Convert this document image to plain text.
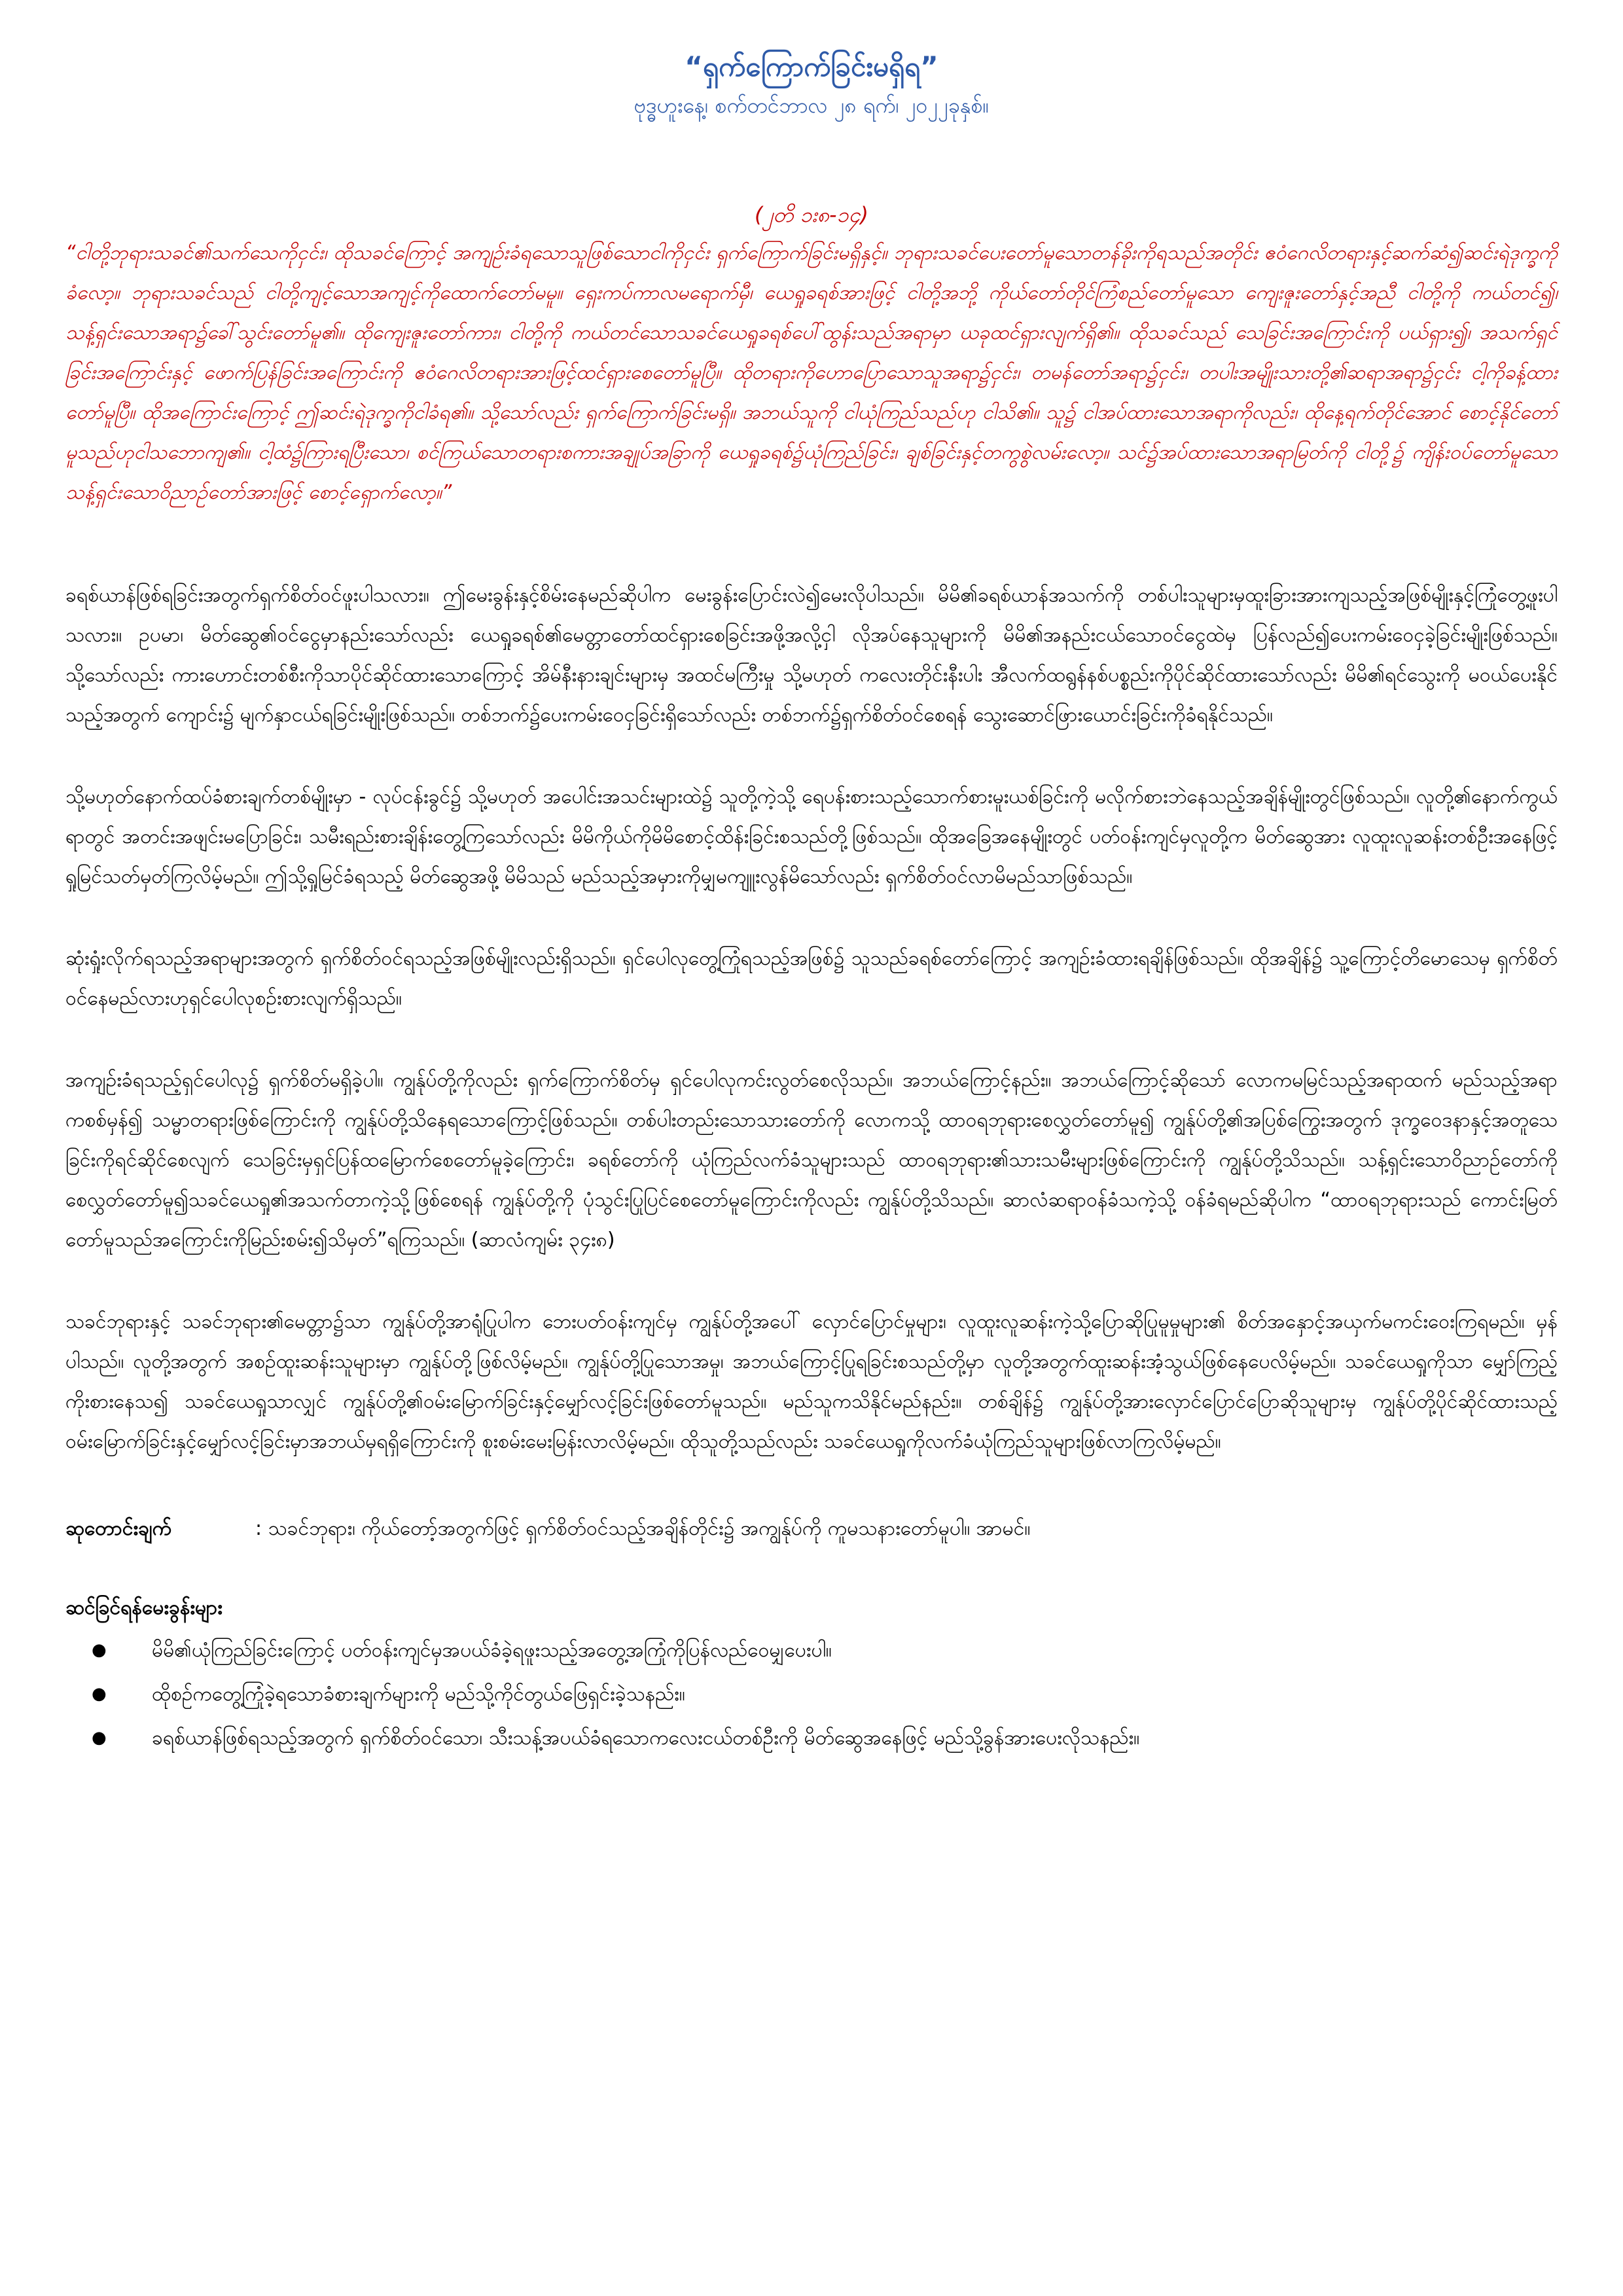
“ရှက်ကြောက်ခြင်းမရှိရ”

ဗုဒ္ဓဟူးနေ့၊ စက်တင်ဘာလ ၂၈ ရက်၊ ၂၀၂၂ခုနှစ်။

(၂တိ ၁း၈-၁၄)

“ငါတို့ဘုရားသခင်၏သက်သေကိုငှင်း၊ ထိုသခင်ကြောင့် အကျဉ်းခံရသောသူဖြစ်သောငါကိုငှင်း ရှက်ကြောက်ခြင်းမရှိနှင့်။ ဘုရားသခင်ပေးတော်မူသောတန်ခိုးကိုရသည်အတိုင်း ဧဝံဂေလိတရားနှင့်ဆက်ဆံ၍ဆင်းရဲဒုက္ခကိုခံလော့။ ဘုရားသခင်သည် ငါတို့ကျင့်သောအကျင့်ကိုထောက်တော်မမူ။ ရှေးကပ်ကာလမရောက်မှီ၊ ယေရှုခရစ်အားဖြင့် ငါတို့အဘို့ ကိုယ်တော်တိုင်ကြံစည်တော်မူသော ကျေးဇူးတော်နှင့်အညီ ငါတို့ကို ကယ်တင်၍၊ သန့်ရှင်းသောအရာ၌ခေါ်သွင်းတော်မူ၏။ ထိုကျေးဇူးတော်ကား၊ ငါတို့ကို ကယ်တင်သောသခင်ယေရှုခရစ်ပေါ်ထွန်းသည်အရာမှာ ယခုထင်ရှားလျက်ရှိ၏။ ထိုသခင်သည် သေခြင်းအကြောင်းကို ပယ်ရှား၍၊ အသက်ရှင်ခြင်းအကြောင်းနှင့် ဖောက်ပြန်ခြင်းအကြောင်းကို ဧဝံဂေလိတရားအားဖြင့်ထင်ရှားစေတော်မူပြီ။ ထိုတရားကိုဟောပြောသောသူအရာ၌ငှင်း၊ တမန်တော်အရာ၌ငှင်း၊ တပါးအမျိုးသားတို့၏ဆရာအရာ၌ငှင်း ငါ့ကိုခန့်ထားတော်မူပြီ။ ထိုအကြောင်းကြောင့် ဤဆင်းရဲဒုက္ခကိုငါခံရ၏။ သို့သော်လည်း ရှက်ကြောက်ခြင်းမရှိ။ အဘယ်သူကို ငါယုံကြည်သည်ဟု ငါသိ၏။ သူ၌ ငါအပ်ထားသောအရာကိုလည်း၊ ထိုနေ့ရက်တိုင်အောင် စောင့်နိုင်တော်မူသည်ဟုငါသဘောကျ၏။ ငါ့ထံ၌ကြားရပြီးသော၊ စင်ကြယ်သောတရားစကားအချုပ်အခြာကို ယေရှုခရစ်၌ယုံကြည်ခြင်း၊ ချစ်ခြင်းနှင့်တကွစွဲလမ်းလော့။ သင်၌အပ်ထားသောအရာမြတ်ကို ငါတို့၌ ကျိန်းဝပ်တော်မူသော သန့်ရှင်းသောဝိညာဉ်တော်အားဖြင့် စောင့်ရှောက်လော့။”

ခရစ်ယာန်ဖြစ်ရခြင်းအတွက်ရှက်စိတ်ဝင်ဖူးပါသလား။ ဤမေးခွန်းနှင့်စိမ်းနေမည်ဆိုပါက မေးခွန်းပြောင်းလဲ၍မေးလိုပါသည်။ မိမိ၏ခရစ်ယာန်အသက်ကို တစ်ပါးသူများမှထူးခြားအားကျသည့်အဖြစ်မျိုးနှင့်ကြုံတွေ့ဖူးပါသလား။ ဥပမာ၊ မိတ်ဆွေ၏ဝင်ငွေမှာနည်းသော်လည်း ယေရှုခရစ်၏မေတ္တာတော်ထင်ရှားစေခြင်းအဖို့အလို့ငှါ လိုအပ်နေသူများကို မိမိ၏အနည်းငယ်သောဝင်ငွေထဲမှ ပြန်လည်၍ပေးကမ်းဝေငှခဲ့ခြင်းမျိုးဖြစ်သည်။ သို့သော်လည်း ကားဟောင်းတစ်စီးကိုသာပိုင်ဆိုင်ထားသောကြောင့် အိမ်နီးနားချင်းများမှ အထင်မကြီးမှု သို့မဟုတ် ကလေးတိုင်းနီးပါး အီလက်ထရွန်နစ်ပစ္စည်းကိုပိုင်ဆိုင်ထားသော်လည်း မိမိ၏ရင်သွေးကို မဝယ်ပေးနိုင်သည့်အတွက် ကျောင်း၌ မျက်နှာငယ်ရခြင်းမျိုးဖြစ်သည်။ တစ်ဘက်၌ပေးကမ်းဝေငှခြင်းရှိသော်လည်း တစ်ဘက်၌ရှက်စိတ်ဝင်စေရန် သွေးဆောင်ဖြားယောင်းခြင်းကိုခံရနိုင်သည်။

သို့မဟုတ်နောက်ထပ်ခံစားချက်တစ်မျိုးမှာ - လုပ်ငန်းခွင်၌ သို့မဟုတ် အပေါင်းအသင်းများထဲ၌ သူတို့ကဲ့သို့ ရေပန်းစားသည့်သောက်စားမူးယစ်ခြင်းကို မလိုက်စားဘဲနေသည့်အချိန်မျိုးတွင်ဖြစ်သည်။ လူတို့၏နောက်ကွယ်ရာတွင် အတင်းအဖျင်းမပြောခြင်း၊ သမီးရည်းစားချိန်းတွေ့ကြသော်လည်း မိမိကိုယ်ကိုမိမိစောင့်ထိန်းခြင်းစသည်တို့ဖြစ်သည်။ ထိုအခြေအနေမျိုးတွင် ပတ်ဝန်းကျင်မှလူတို့က မိတ်ဆွေအား လူထူးလူဆန်းတစ်ဦးအနေဖြင့် ရှုမြင်သတ်မှတ်ကြလိမ့်မည်။ ဤသို့ရှုမြင်ခံရသည့် မိတ်ဆွေအဖို့ မိမိသည် မည်သည့်အမှားကိုမျှမကျူးလွန်မိသော်လည်း ရှက်စိတ်ဝင်လာမိမည်သာဖြစ်သည်။

ဆုံးရှုံးလိုက်ရသည့်အရာများအတွက် ရှက်စိတ်ဝင်ရသည့်အဖြစ်မျိုးလည်းရှိသည်။ ရှင်ပေါလုတွေ့ကြုံရသည့်အဖြစ်၌ သူသည်ခရစ်တော်ကြောင့် အကျဉ်းခံထားရချိန်ဖြစ်သည်။ ထိုအချိန်၌ သူ့ကြောင့်တိမောသေမှ ရှက်စိတ်ဝင်နေမည်လားဟုရှင်ပေါလုစဉ်းစားလျက်ရှိသည်။

အကျဉ်းခံရသည့်ရှင်ပေါလု၌ ရှက်စိတ်မရှိခဲ့ပါ။ ကျွန်ုပ်တို့ကိုလည်း ရှက်ကြောက်စိတ်မှ ရှင်ပေါလုကင်းလွတ်စေလိုသည်။ အဘယ်ကြောင့်နည်း။ အဘယ်ကြောင့်ဆိုသော် လောကမမြင်သည့်အရာထက် မည်သည့်အရာကစစ်မှန်၍ သမ္မာတရားဖြစ်ကြောင်းကို ကျွန်ုပ်တို့သိနေရသောကြောင့်ဖြစ်သည်။ တစ်ပါးတည်းသောသားတော်ကို လောကသို့ ထာဝရဘုရားစေလွှတ်တော်မူ၍ ကျွန်ုပ်တို့၏အပြစ်ကြွေးအတွက် ဒုက္ခဝေဒနာနှင့်အတူသေခြင်းကိုရင်ဆိုင်စေလျက် သေခြင်းမှရှင်ပြန်ထမြောက်စေတော်မူခဲ့ကြောင်း၊ ခရစ်တော်ကို ယုံကြည်လက်ခံသူများသည် ထာဝရဘုရား၏သားသမီးများဖြစ်ကြောင်းကို ကျွန်ုပ်တို့သိသည်။ သန့်ရှင်းသောဝိညာဉ်တော်ကို စေလွှတ်တော်မူ၍သခင်ယေရှု၏အသက်တာကဲ့သို့ဖြစ်စေရန် ကျွန်ုပ်တို့ကို ပုံသွင်းပြုပြင်စေတော်မူကြောင်းကိုလည်း ကျွန်ုပ်တို့သိသည်။ ဆာလံဆရာဝန်ခံသကဲ့သို့ ဝန်ခံရမည်ဆိုပါက “ထာဝရဘုရားသည် ကောင်းမြတ်တော်မူသည်အကြောင်းကိုမြည်းစမ်း၍သိမှတ်”ရကြသည်။ (ဆာလံကျမ်း ၃၄း၈)

သခင်ဘုရားနှင့် သခင်ဘုရား၏မေတ္တာ၌သာ ကျွန်ုပ်တို့အာရုံပြုပါက ဘေးပတ်ဝန်းကျင်မှ ကျွန်ုပ်တို့အပေါ် လှောင်ပြောင်မှုများ၊ လူထူးလူဆန်းကဲ့သို့ပြောဆိုပြုမူမှုများ၏ စိတ်အနှောင့်အယှက်မကင်းဝေးကြရမည်။ မှန်ပါသည်။ လူတို့အတွက် အစဉ်ထူးဆန်းသူများမှာ ကျွန်ုပ်တို့ဖြစ်လိမ့်မည်။ ကျွန်ုပ်တို့ပြုသောအမှု၊ အဘယ်ကြောင့်ပြုရခြင်းစသည်တို့မှာ လူတို့အတွက်ထူးဆန်းအံ့သွယ်ဖြစ်နေပေလိမ့်မည်။ သခင်ယေရှုကိုသာ မျှော်ကြည့်ကိုးစားနေသ၍ သခင်ယေရှုသာလျှင် ကျွန်ုပ်တို့၏ဝမ်းမြောက်ခြင်းနှင့်မျှော်လင့်ခြင်းဖြစ်တော်မူသည်။ မည်သူကသိနိုင်မည်နည်း။ တစ်ချိန်၌ ကျွန်ုပ်တို့အားလှောင်ပြောင်ပြောဆိုသူများမှ ကျွန်ုပ်တို့ပိုင်ဆိုင်ထားသည့် ဝမ်းမြောက်ခြင်းနှင့်မျှော်လင့်ခြင်းမှာအဘယ်မှရရှိကြောင်းကို စူးစမ်းမေးမြန်းလာလိမ့်မည်။ ထိုသူတို့သည်လည်း သခင်ယေရှုကိုလက်ခံယုံကြည်သူများဖြစ်လာကြလိမ့်မည်။

ဆုတောင်းချက်	: သခင်ဘုရား၊ ကိုယ်တော့်အတွက်ဖြင့် ရှက်စိတ်ဝင်သည့်အချိန်တိုင်း၌ အကျွန်ုပ်ကို ကူမသနားတော်မူပါ။ အာမင်။

ဆင်ခြင်ရန်မေးခွန်းများ

●	မိမိ၏ယုံကြည်ခြင်းကြောင့် ပတ်ဝန်းကျင်မှအပယ်ခံခဲ့ရဖူးသည့်အတွေ့အကြုံကိုပြန်လည်ဝေမျှပေးပါ။
●	ထိုစဉ်ကတွေ့ကြုံခဲ့ရသောခံစားချက်များကို မည်သို့ကိုင်တွယ်ဖြေရှင်းခဲ့သနည်း။
●	ခရစ်ယာန်ဖြစ်ရသည့်အတွက် ရှက်စိတ်ဝင်သော၊ သီးသန့်အပယ်ခံရသောကလေးငယ်တစ်ဦးကို မိတ်ဆွေအနေဖြင့် မည်သို့ခွန်အားပေးလိုသနည်း။
